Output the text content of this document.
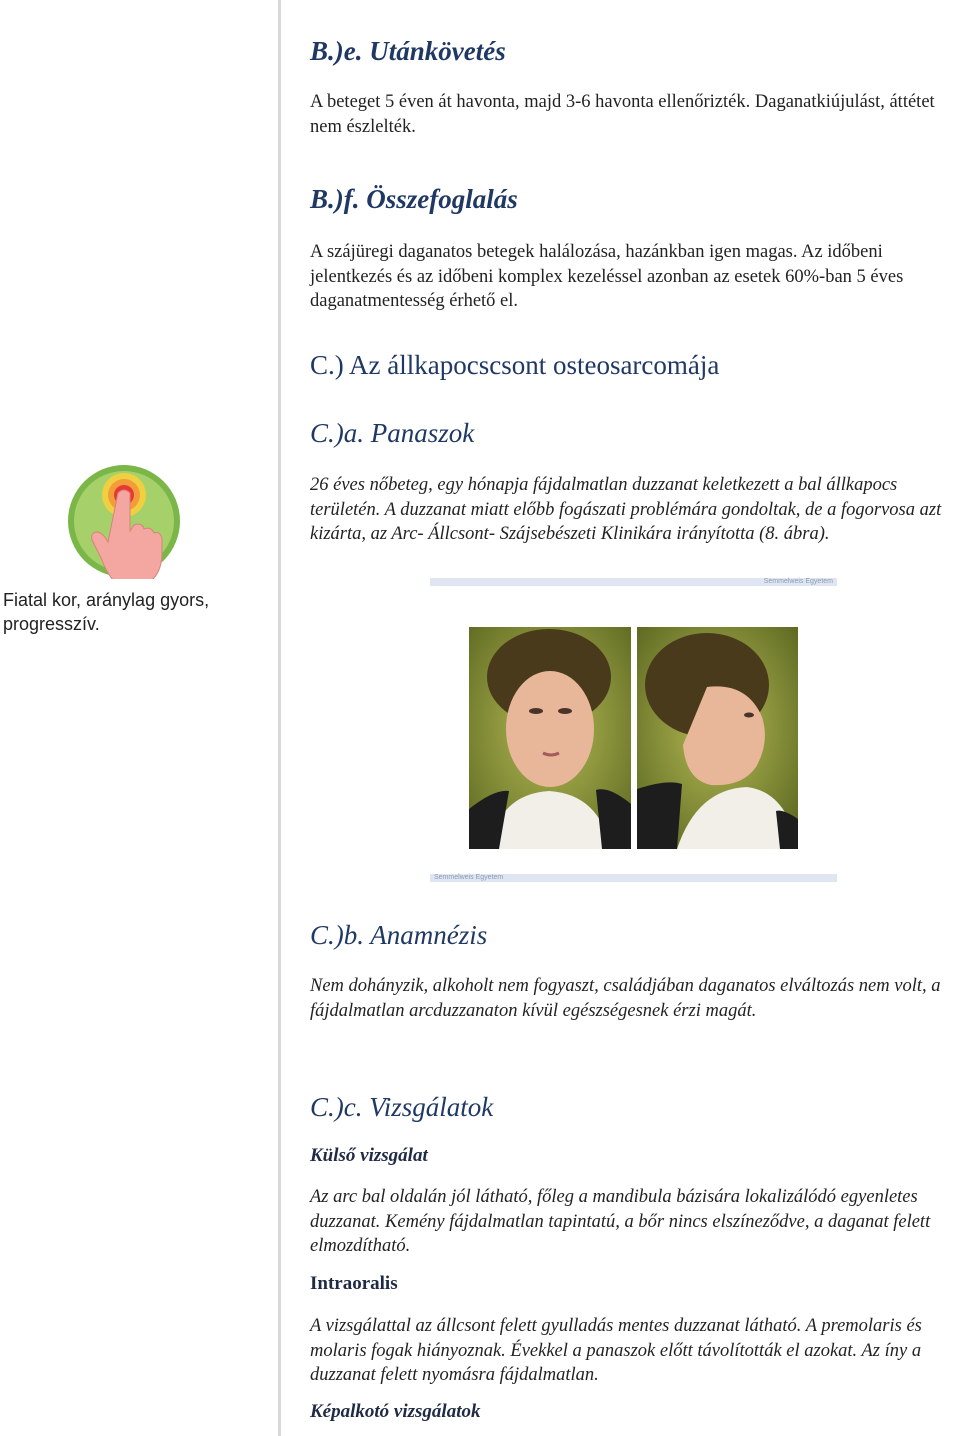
Fiatal kor, aránylag gyors, progresszív.
B.)e. Utánkövetés
A beteget 5 éven át havonta, majd 3-6 havonta ellenőrizték. Daganatkiújulást, áttétet nem észlelték.
B.)f. Összefoglalás
A szájüregi daganatos betegek halálozása, hazánkban igen magas. Az időbeni jelentkezés és az időbeni komplex kezeléssel azonban az esetek 60%-ban 5 éves daganatmentesség érhető el.
C.) Az állkapocscsont osteosarcomája
C.)a. Panaszok
26 éves nőbeteg, egy hónapja fájdalmatlan duzzanat keletkezett a bal állkapocs területén. A duzzanat miatt előbb fogászati problémára gondoltak, de a fogorvosa azt kizárta, az Arc- Állcsont- Szájsebészeti Klinikára irányította (8. ábra).
Semmelweis Egyetem
Semmelweis Egyetem
C.)b. Anamnézis
Nem dohányzik, alkoholt nem fogyaszt, családjában daganatos elváltozás nem volt, a fájdalmatlan arcduzzanaton kívül egészségesnek érzi magát.
C.)c. Vizsgálatok
Külső vizsgálat
Az arc bal oldalán jól látható, főleg a mandibula bázisára lokalizálódó egyenletes duzzanat. Kemény fájdalmatlan tapintatú, a bőr nincs elszíneződve, a daganat felett elmozdítható.
Intraoralis
A vizsgálattal az állcsont felett gyulladás mentes duzzanat látható. A premolaris és molaris fogak hiányoznak. Évekkel a panaszok előtt távolították el azokat. Az íny a duzzanat felett nyomásra fájdalmatlan.
Képalkotó vizsgálatok
